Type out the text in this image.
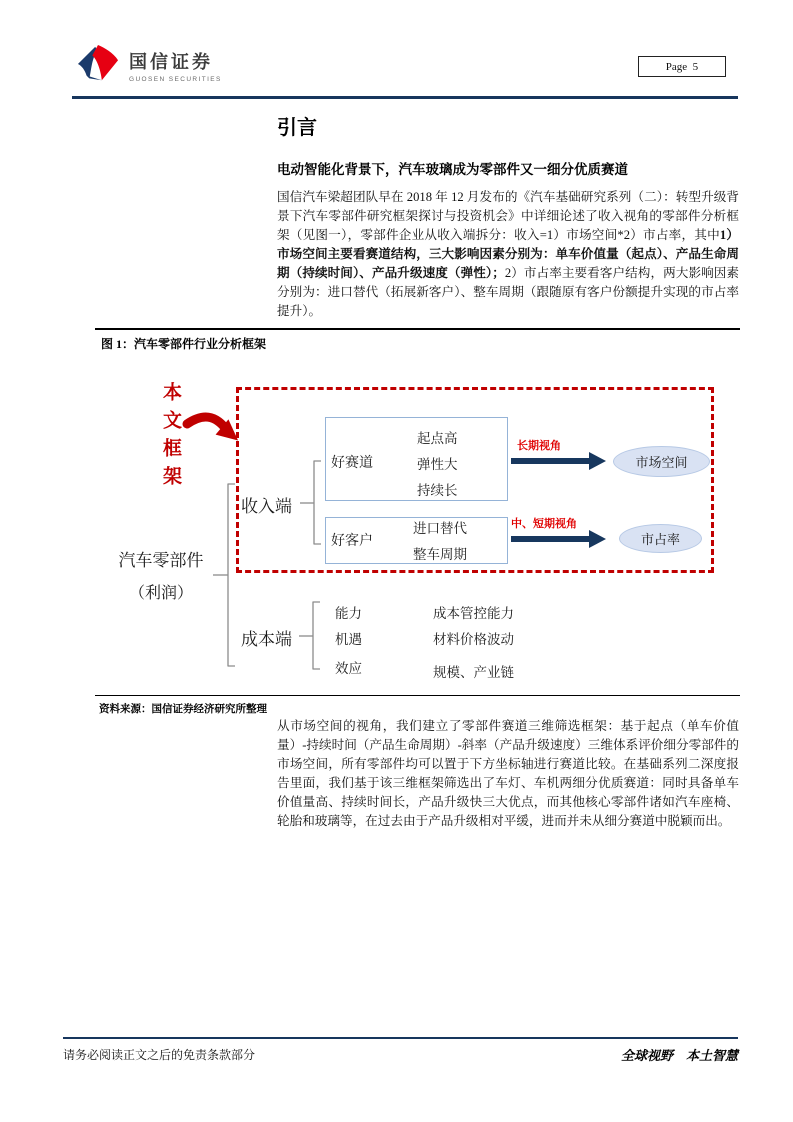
国信证券
GUOSEN SECURITIES
Page  5
引言
电动智能化背景下，汽车玻璃成为零部件又一细分优质赛道

国信汽车梁超团队早在 2018 年 12 月发布的《汽车基础研究系列（二）：转型升级背景下汽车零部件研究框架探讨与投资机会》中详细论述了收入视角的零部件分析框架（见图一），零部件企业从收入端拆分：收入=1）市场空间*2）市占率，其中1）市场空间主要看赛道结构，三大影响因素分别为：单车价值量（起点）、产品生命周期（持续时间）、产品升级速度（弹性）；2）市占率主要看客户结构，两大影响因素分别为：进口替代（拓展新客户）、整车周期（跟随原有客户份额提升实现的市占率提升）。

图 1：汽车零部件行业分析框架
本文框架
汽车零部件
（利润）
收入端
成本端
好赛道
好客户
起点高
弹性大
持续长
进口替代
整车周期
长期视角
中、短期视角
市场空间
市占率
能力
机遇
效应
成本管控能力
材料价格波动
规模、产业链
资料来源：国信证券经济研究所整理

从市场空间的视角，我们建立了零部件赛道三维筛选框架：基于起点（单车价值量）-持续时间（产品生命周期）-斜率（产品升级速度）三维体系评价细分零部件的市场空间，所有零部件均可以置于下方坐标轴进行赛道比较。在基础系列二深度报告里面，我们基于该三维框架筛选出了车灯、车机两细分优质赛道：同时具备单车价值量高、持续时间长，产品升级快三大优点，而其他核心零部件诸如汽车座椅、轮胎和玻璃等，在过去由于产品升级相对平缓，进而并未从细分赛道中脱颖而出。

请务必阅读正文之后的免责条款部分	全球视野　本土智慧
